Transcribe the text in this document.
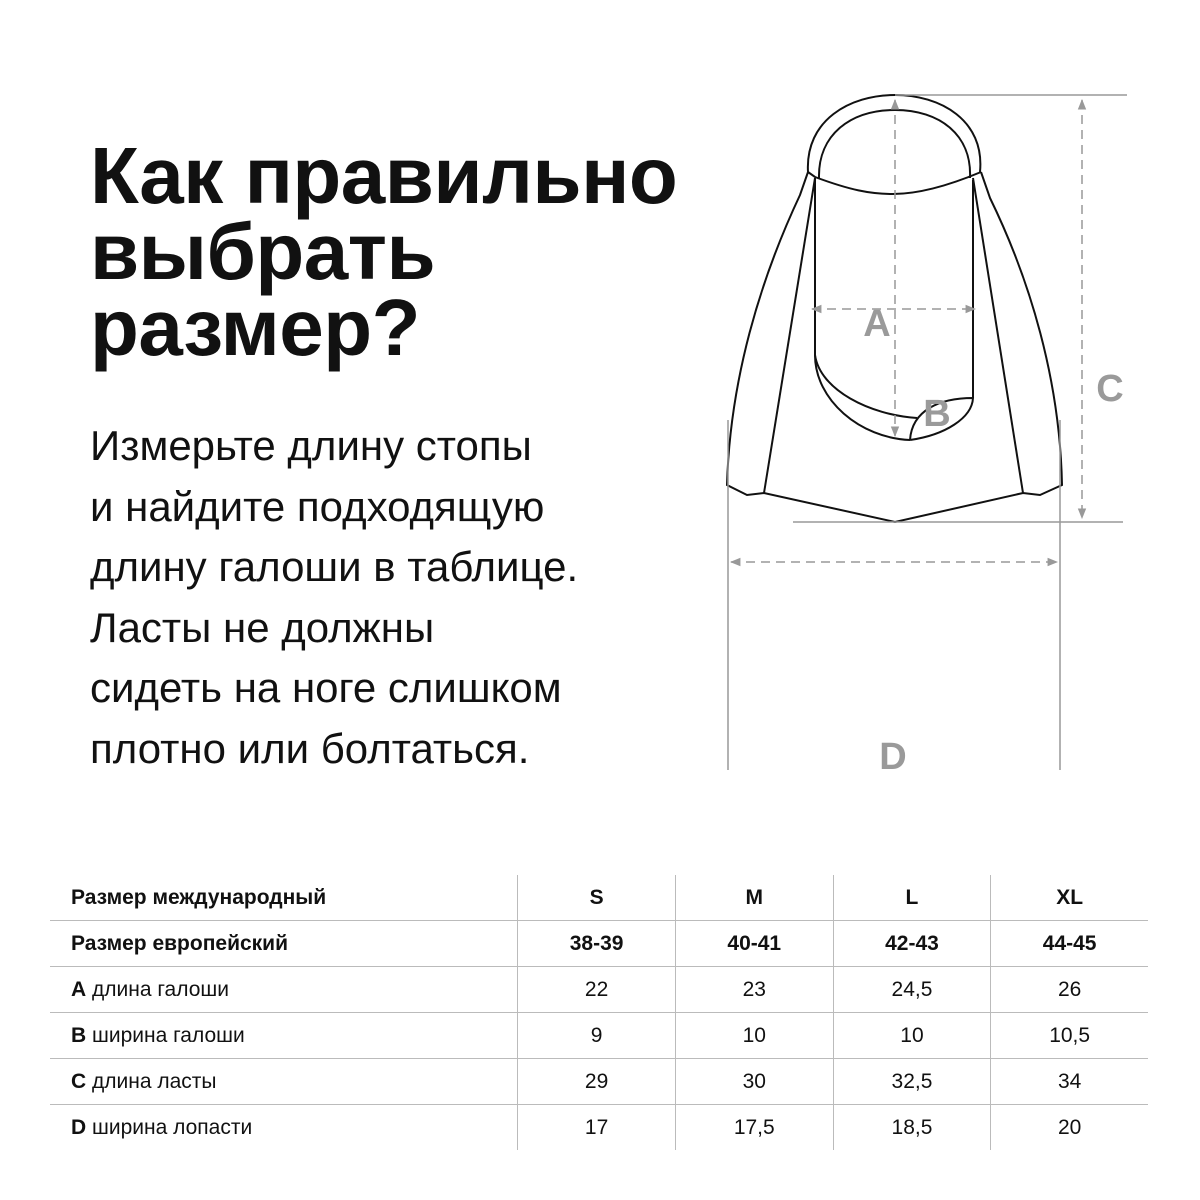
Как правильно
выбрать
размер?
Измерьте длину стопы
и найдите подходящую
длину галоши в таблице.
Ласты не должны
сидеть на ноге слишком
плотно или болтаться.
A
B
C
D
Размер международный	S	M	L	XL
Размер европейский	38-39	40-41	42-43	44-45
A длина галоши	22	23	24,5	26
B ширина галоши	9	10	10	10,5
C длина ласты	29	30	32,5	34
D ширина лопасти	17	17,5	18,5	20
